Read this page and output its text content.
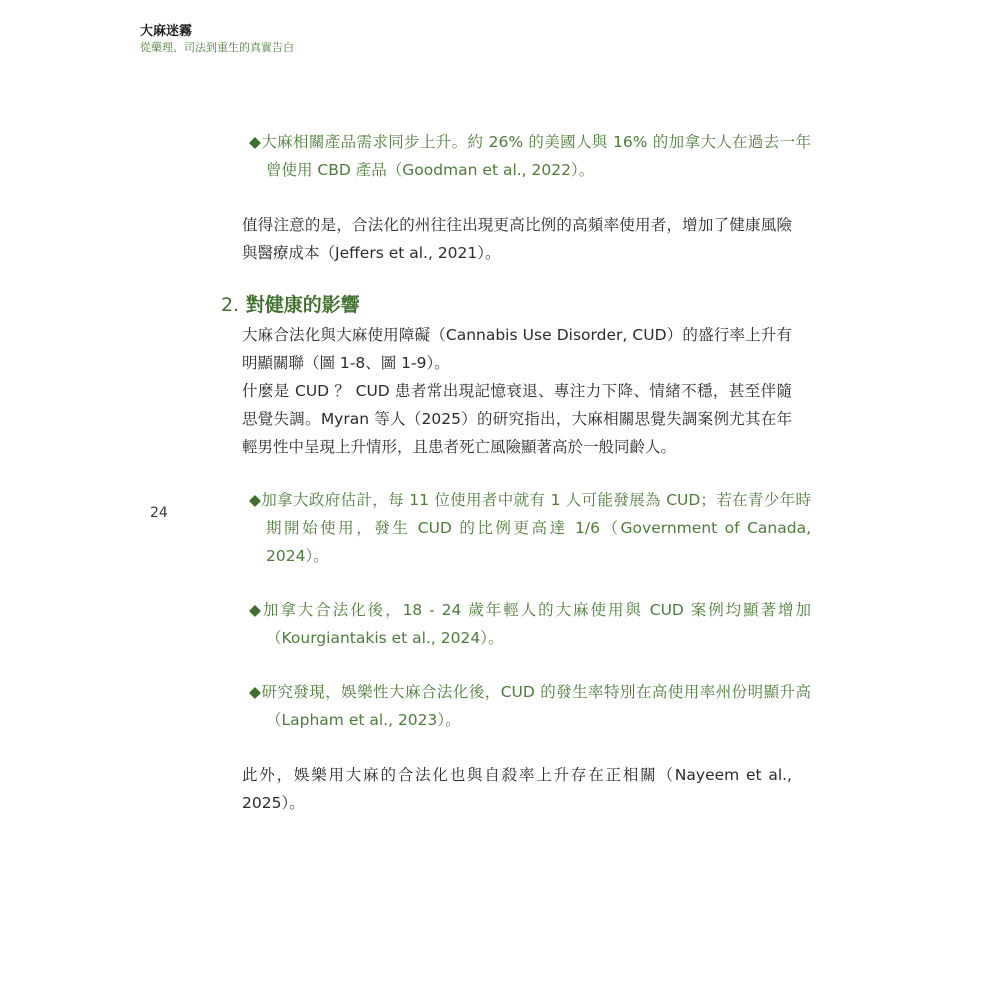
大麻迷霧
從藥理、司法到重生的真實告白
24
◆大麻相關產品需求同步上升。約 26% 的美國人與 16% 的加拿大人在過去一年曾使用 CBD 產品（Goodman et al., 2022）。
值得注意的是，合法化的州往往出現更高比例的高頻率使用者，增加了健康風險與醫療成本（Jeffers et al., 2021）。
2. 對健康的影響
大麻合法化與大麻使用障礙（Cannabis Use Disorder, CUD）的盛行率上升有明顯關聯（圖 1-8、圖 1-9）。
什麼是 CUD ？ CUD 患者常出現記憶衰退、專注力下降、情緒不穩，甚至伴隨思覺失調。Myran 等人（2025）的研究指出，大麻相關思覺失調案例尤其在年輕男性中呈現上升情形，且患者死亡風險顯著高於一般同齡人。
◆加拿大政府估計，每 11 位使用者中就有 1 人可能發展為 CUD；若在青少年時期開始使用，發生 CUD 的比例更高達 1/6（Government of Canada, 2024）。
◆加拿大合法化後，18 - 24 歲年輕人的大麻使用與 CUD 案例均顯著增加（Kourgiantakis et al., 2024）。
◆研究發現，娛樂性大麻合法化後，CUD 的發生率特別在高使用率州份明顯升高（Lapham et al., 2023）。
此外，娛樂用大麻的合法化也與自殺率上升存在正相關（Nayeem et al., 2025）。
